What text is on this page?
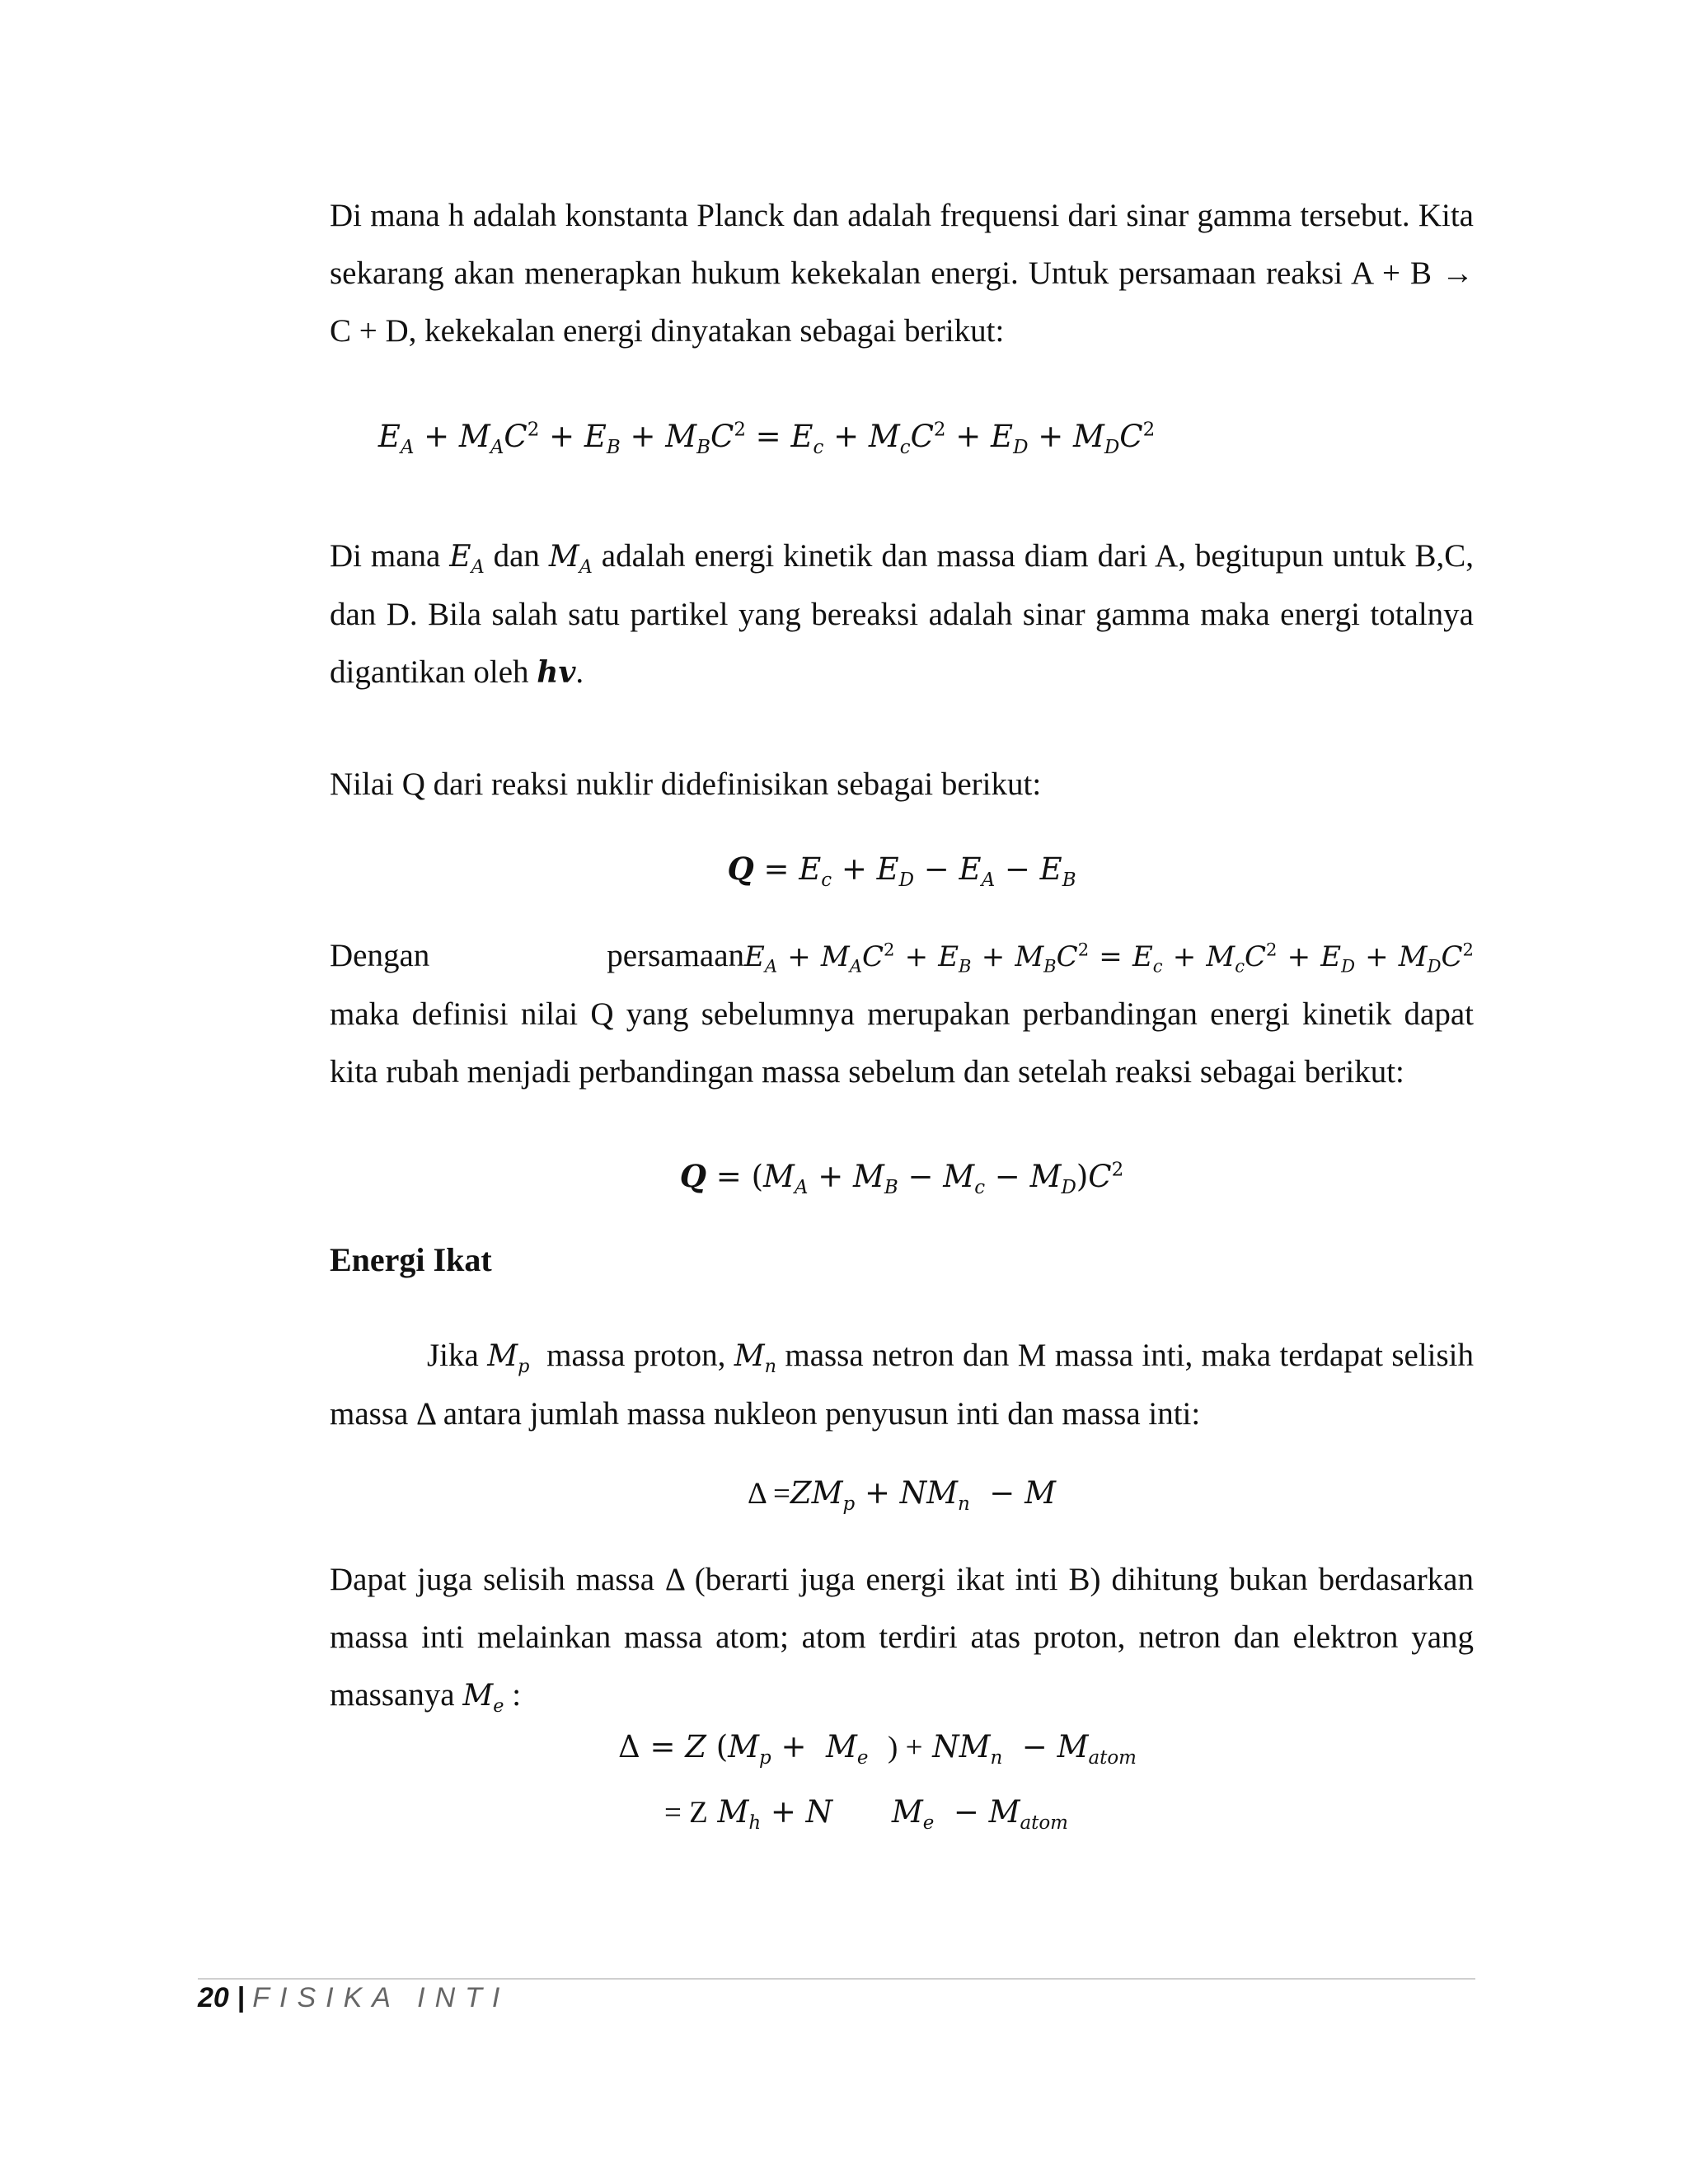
Di mana h adalah konstanta Planck dan adalah frequensi dari sinar gamma tersebut. Kita sekarang akan menerapkan hukum kekekalan energi. Untuk persamaan reaksi A + B → C + D, kekekalan energi dinyatakan sebagai berikut:

$E_A + M_AC^2 + E_B + M_BC^2 = E_c + M_cC^2 + E_D + M_DC^2$

Di mana $E_A$ dan $M_A$ adalah energi kinetik dan massa diam dari A, begitupun untuk B,C, dan D. Bila salah satu partikel yang bereaksi adalah sinar gamma maka energi totalnya digantikan oleh hv.

Nilai Q dari reaksi nuklir didefinisikan sebagai berikut:

$Q = E_c + E_D - E_A - E_B$

Dengan	persamaanE$_A$ + $M_AC^2 + E_B + M_BC^2 = E_c + M_cC^2 + E_D + M_DC^2$ maka definisi nilai Q yang sebelumnya merupakan perbandingan energi kinetik dapat kita rubah menjadi perbandingan massa sebelum dan setelah reaksi sebagai berikut:

$Q = (M_A + M_B - M_c - M_D)C^2$
Energi Ikat

Jika $M_p$ massa proton, $M_n$ massa netron dan M massa inti, maka terdapat selisih massa Δ antara jumlah massa nukleon penyusun inti dan massa inti:

$\Delta =ZM_p + NM_n - M$

Dapat juga selisih massa Δ (berarti juga energi ikat inti B) dihitung bukan berdasarkan massa inti melainkan massa atom; atom terdiri atas proton, netron dan elektron yang massanya $M_e$ :

Δ = Z ($M_p + M_e$ ) + $NM_n - M_{atom}$
= Z $M_h + N$ $M_e - M_{atom}$
20 | FISIKA INTI
